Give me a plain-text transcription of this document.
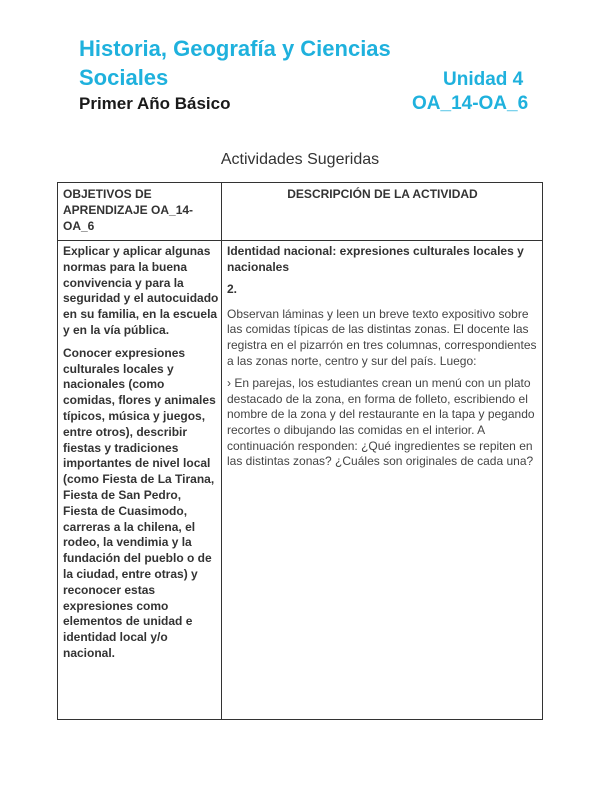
Historia, Geografía y Ciencias
Sociales	Unidad 4
Primer Año Básico	OA_14-OA_6
Actividades Sugeridas
OBJETIVOS DE APRENDIZAJE OA_14-OA_6
DESCRIPCIÓN DE LA ACTIVIDAD

Explicar y aplicar algunas normas para la buena convivencia y para la seguridad y el autocuidado en su familia, en la escuela y en la vía pública.

Conocer expresiones culturales locales y nacionales (como comidas, flores y animales típicos, música y juegos, entre otros), describir fiestas y tradiciones importantes de nivel local (como Fiesta de La Tirana, Fiesta de San Pedro, Fiesta de Cuasimodo, carreras a la chilena, el rodeo, la vendimia y la fundación del pueblo o de la ciudad, entre otras) y reconocer estas expresiones como elementos de unidad e identidad local y/o nacional.

Identidad nacional: expresiones culturales locales y nacionales

2.

Observan láminas y leen un breve texto expositivo sobre las comidas típicas de las distintas zonas. El docente las registra en el pizarrón en tres columnas, correspondientes a las zonas norte, centro y sur del país. Luego:

› En parejas, los estudiantes crean un menú con un plato destacado de la zona, en forma de folleto, escribiendo el nombre de la zona y del restaurante en la tapa y pegando recortes o dibujando las comidas en el interior. A continuación responden: ¿Qué ingredientes se repiten en las distintas zonas? ¿Cuáles son originales de cada una?
